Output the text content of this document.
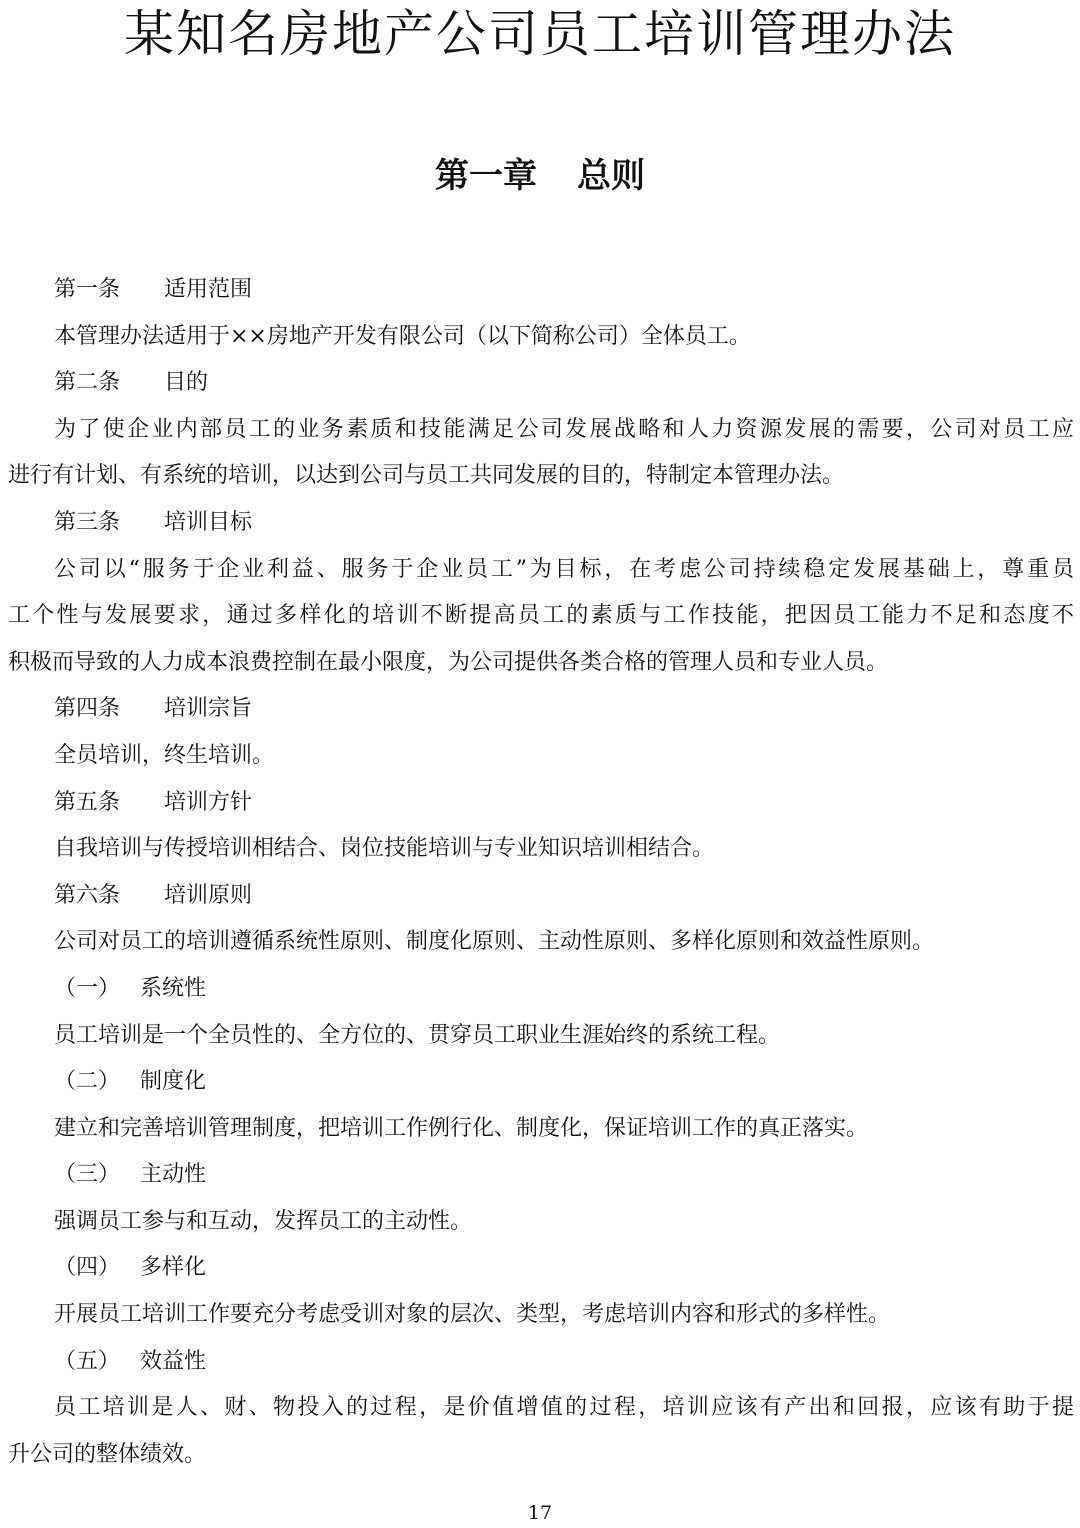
某知名房地产公司员工培训管理办法
第一章 总则
第一条 适用范围
本管理办法适用于××房地产开发有限公司（以下简称公司）全体员工。
第二条 目的
为了使企业内部员工的业务素质和技能满足公司发展战略和人力资源发展的需要，公司对员工应
进行有计划、有系统的培训，以达到公司与员工共同发展的目的，特制定本管理办法。
第三条 培训目标
公司以“服务于企业利益、服务于企业员工”为目标，在考虑公司持续稳定发展基础上，尊重员
工个性与发展要求，通过多样化的培训不断提高员工的素质与工作技能，把因员工能力不足和态度不
积极而导致的人力成本浪费控制在最小限度，为公司提供各类合格的管理人员和专业人员。
第四条 培训宗旨
全员培训，终生培训。
第五条 培训方针
自我培训与传授培训相结合、岗位技能培训与专业知识培训相结合。
第六条 培训原则
公司对员工的培训遵循系统性原则、制度化原则、主动性原则、多样化原则和效益性原则。
（一） 系统性
员工培训是一个全员性的、全方位的、贯穿员工职业生涯始终的系统工程。
（二） 制度化
建立和完善培训管理制度，把培训工作例行化、制度化，保证培训工作的真正落实。
（三） 主动性
强调员工参与和互动，发挥员工的主动性。
（四） 多样化
开展员工培训工作要充分考虑受训对象的层次、类型，考虑培训内容和形式的多样性。
（五） 效益性
员工培训是人、财、物投入的过程，是价值增值的过程，培训应该有产出和回报，应该有助于提
升公司的整体绩效。
17
